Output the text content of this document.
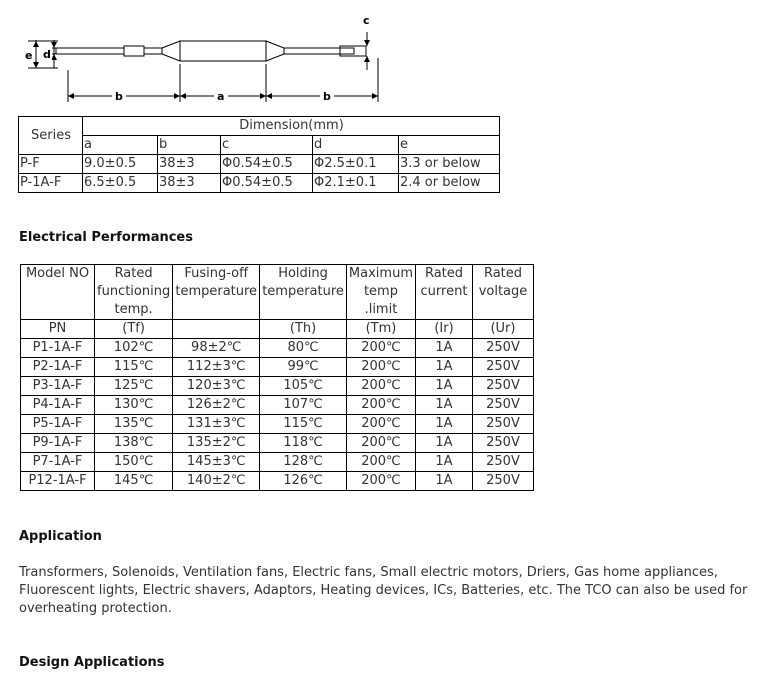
c
e d
b	a	b
Series	Dimension(mm)				
	a	b	c	d	e
P-F	9.0±0.5	38±3	Φ0.54±0.5	Φ2.5±0.1	3.3 or below
P-1A-F	6.5±0.5	38±3	Φ0.54±0.5	Φ2.1±0.1	2.4 or below
Electrical Performances
Model NO	Rated functioning temp.	Fusing-off temperature	Holding temperature	Maximum temp .limit	Rated current	Rated voltage
PN	(Tf)		(Th)	(Tm)	(Ir)	(Ur)
P1-1A-F	102℃	98±2℃	80℃	200℃	1A	250V
P2-1A-F	115℃	112±3℃	99℃	200℃	1A	250V
P3-1A-F	125℃	120±3℃	105℃	200℃	1A	250V
P4-1A-F	130℃	126±2℃	107℃	200℃	1A	250V
P5-1A-F	135℃	131±3℃	115℃	200℃	1A	250V
P9-1A-F	138℃	135±2℃	118℃	200℃	1A	250V
P7-1A-F	150℃	145±3℃	128℃	200℃	1A	250V
P12-1A-F	145℃	140±2℃	126℃	200℃	1A	250V
Application
Transformers, Solenoids, Ventilation fans, Electric fans, Small electric motors, Driers, Gas home appliances, Fluorescent lights, Electric shavers, Adaptors, Heating devices, ICs, Batteries, etc. The TCO can also be used for overheating protection.
Design Applications
